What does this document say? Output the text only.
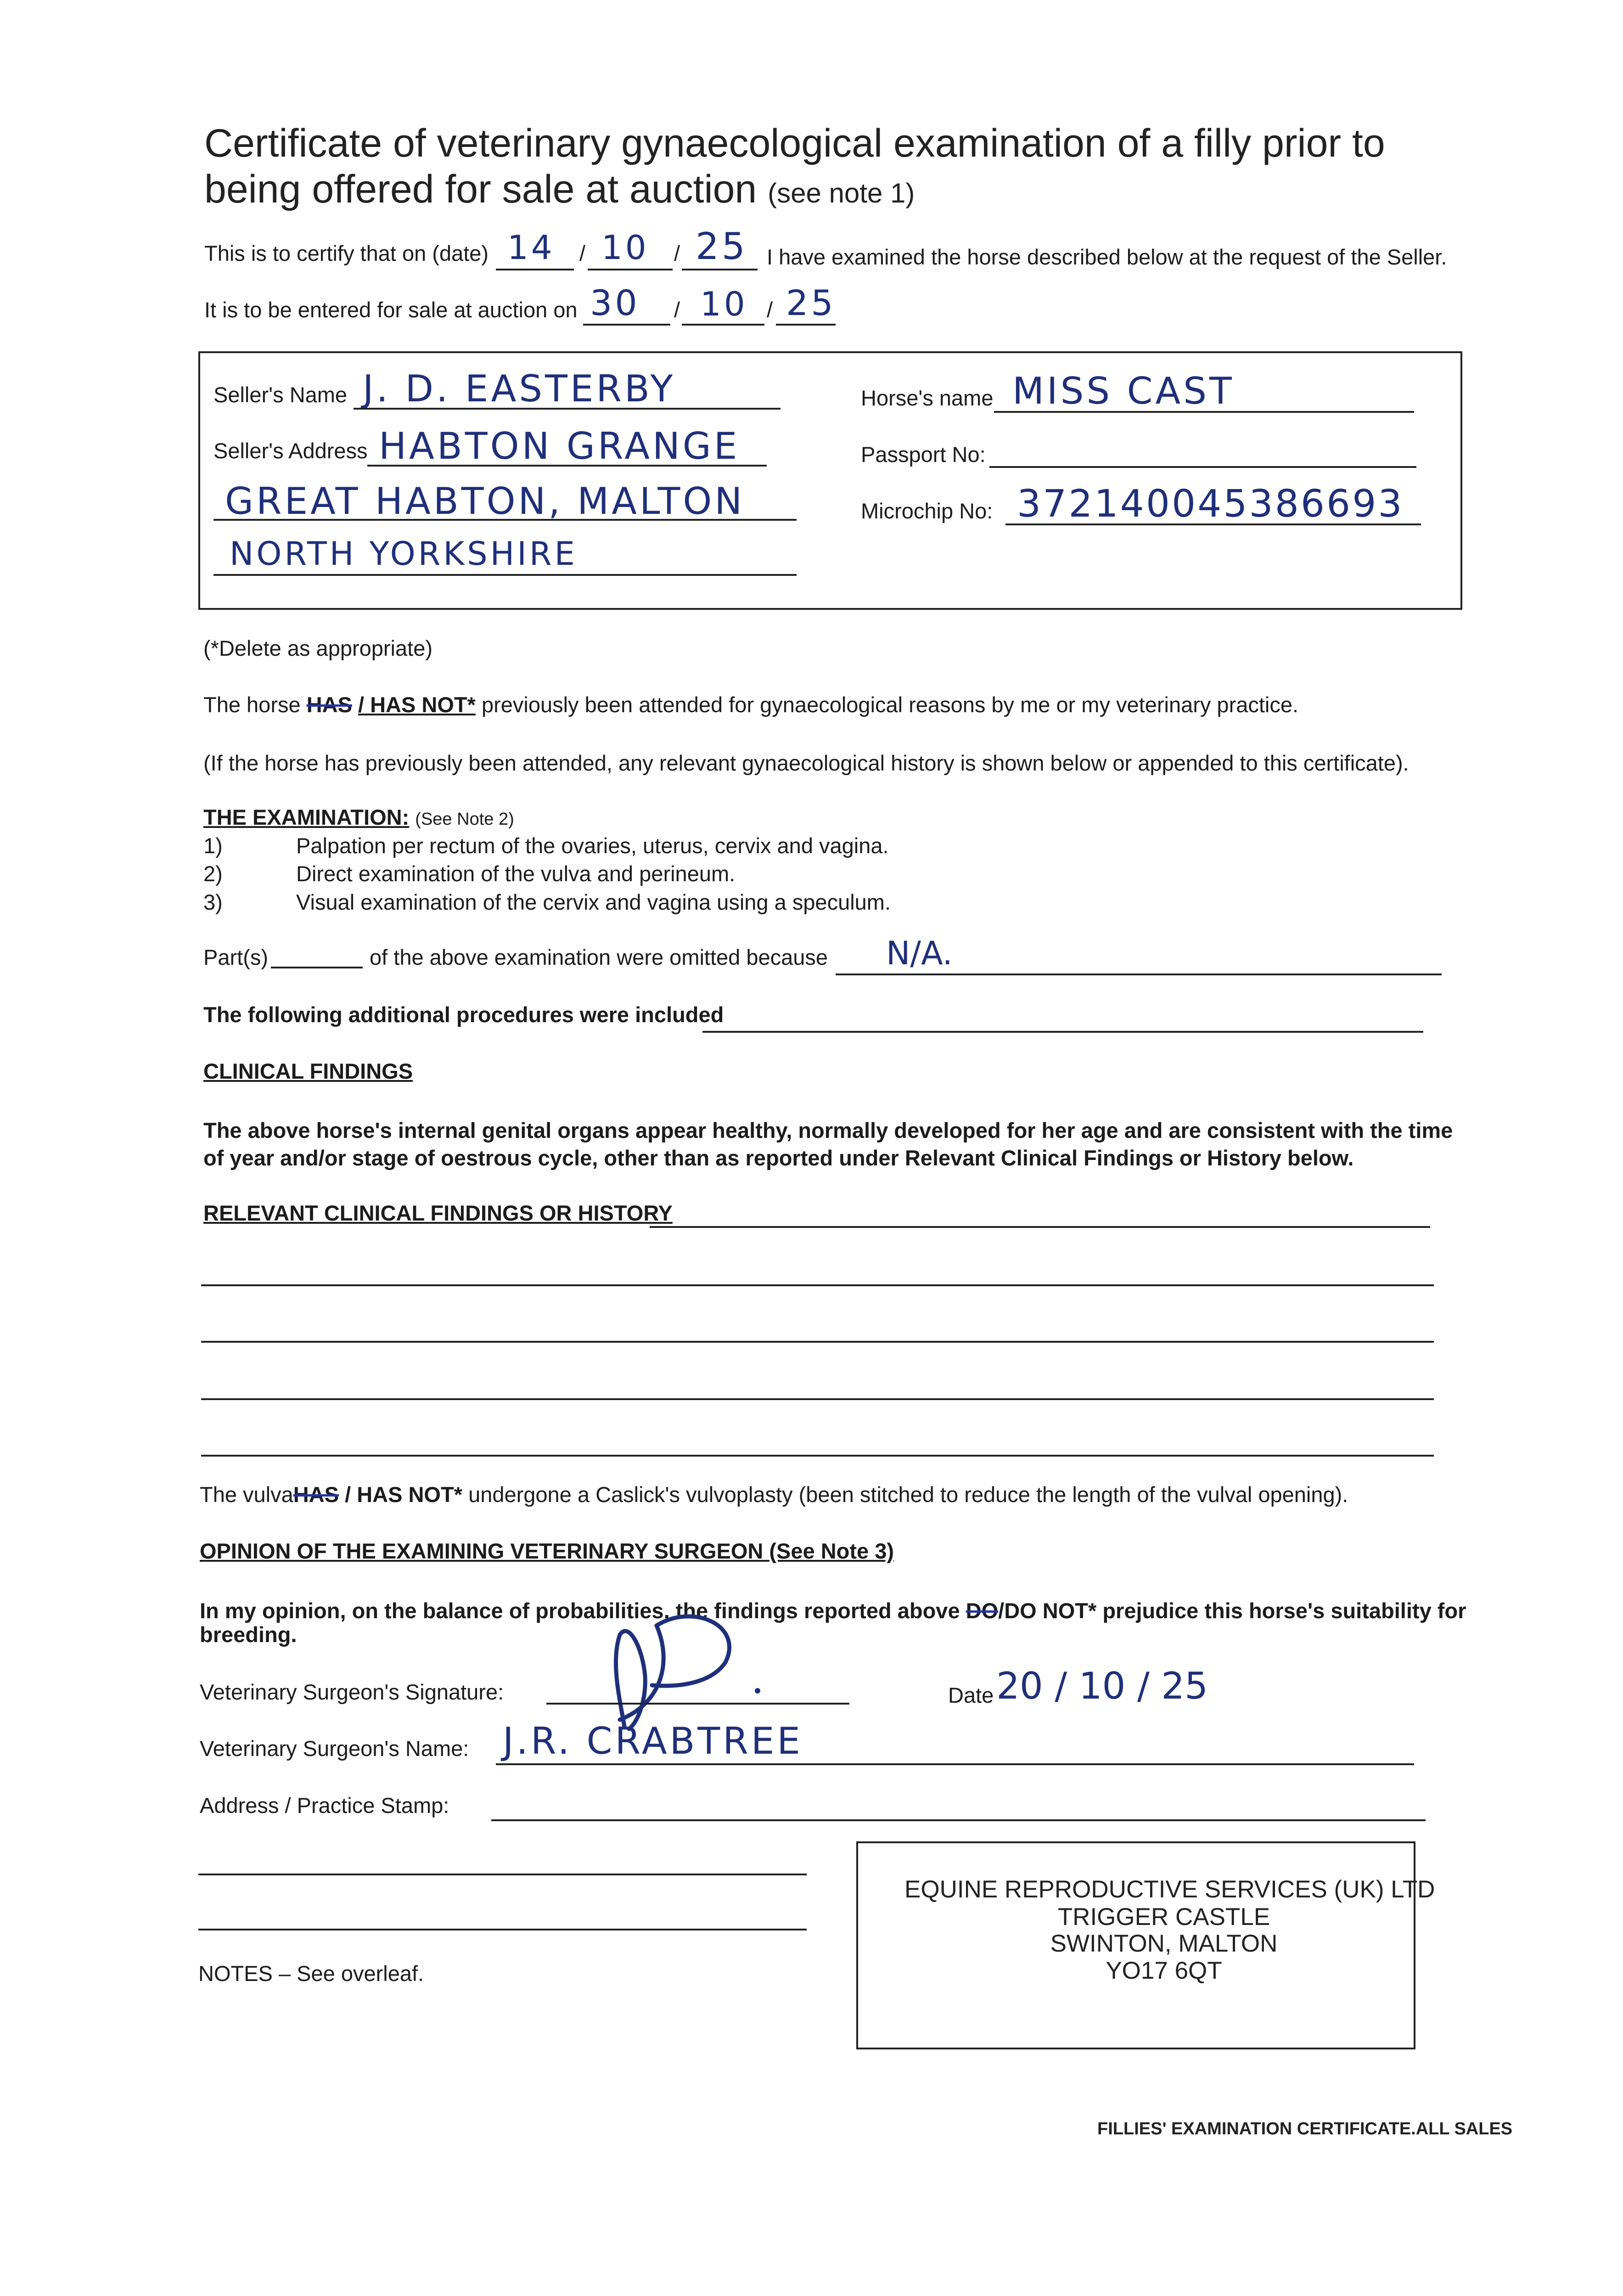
Certificate of veterinary gynaecological examination of a filly prior to being offered for sale at auction (see note 1)
This is to certify that on (date) 14 / 10 / 25 I have examined the horse described below at the request of the Seller.
It is to be entered for sale at auction on 30 / 10 / 25
Seller's Name J. D. EASTERBY
Seller's Address HABTON GRANGE
GREAT HABTON, MALTON
NORTH YORKSHIRE
Horse's name MISS CAST
Passport No:
Microchip No: 372140045386693
(*Delete as appropriate)
The horse HAS / HAS NOT* previously been attended for gynaecological reasons by me or my veterinary practice.
(If the horse has previously been attended, any relevant gynaecological history is shown below or appended to this certificate).
THE EXAMINATION: (See Note 2)
1)	Palpation per rectum of the ovaries, uterus, cervix and vagina.
2)	Direct examination of the vulva and perineum.
3)	Visual examination of the cervix and vagina using a speculum.
Part(s)	of the above examination were omitted because N/A.
The following additional procedures were included
CLINICAL FINDINGS
The above horse's internal genital organs appear healthy, normally developed for her age and are consistent with the time of year and/or stage of oestrous cycle, other than as reported under Relevant Clinical Findings or History below.
RELEVANT CLINICAL FINDINGS OR HISTORY
The vulvaHAS / HAS NOT* undergone a Caslick's vulvoplasty (been stitched to reduce the length of the vulval opening).
OPINION OF THE EXAMINING VETERINARY SURGEON (See Note 3)
In my opinion, on the balance of probabilities, the findings reported above DO/DO NOT* prejudice this horse's suitability for
breeding.
Veterinary Surgeon's Signature:	Date 20 / 10 / 25
Veterinary Surgeon's Name: J.R. CRABTREE
Address / Practice Stamp:
EQUINE REPRODUCTIVE SERVICES (UK) LTD
TRIGGER CASTLE
SWINTON, MALTON
YO17 6QT
NOTES – See overleaf.
FILLIES' EXAMINATION CERTIFICATE.ALL SALES
